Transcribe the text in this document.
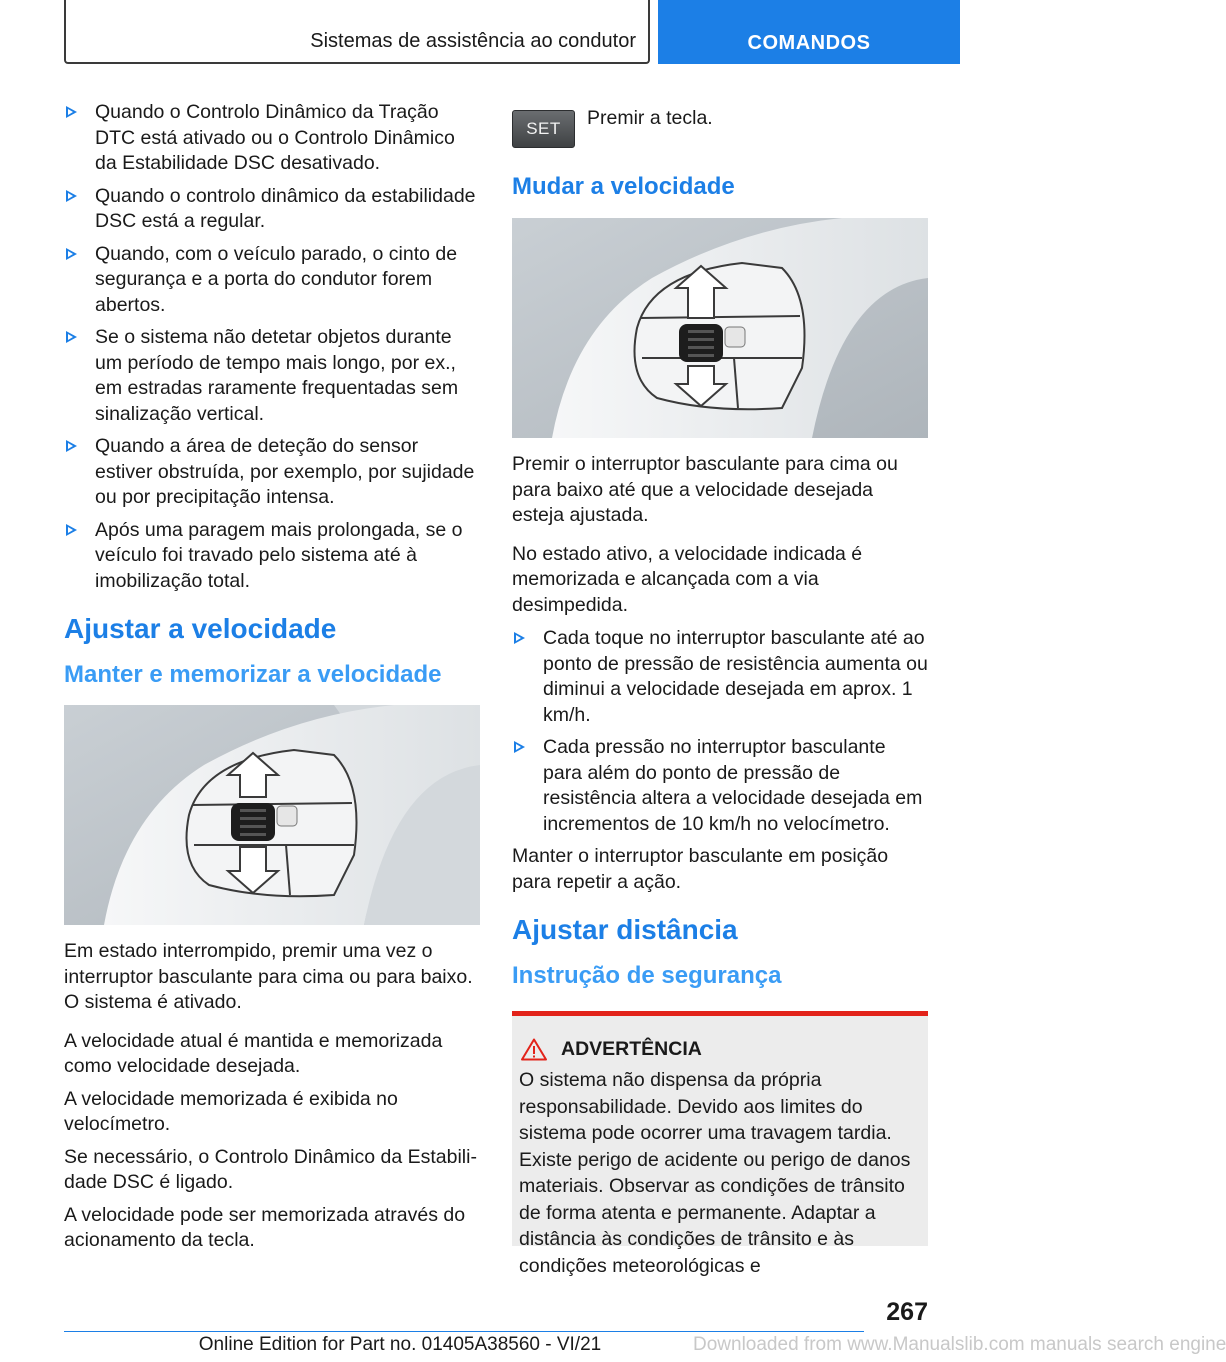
Sistemas de assistência ao condutor	COMANDOS
Quando o Controlo Dinâmico da Tração DTC está ativado ou o Controlo Dinâmico da Estabilidade DSC desativado.
Quando o controlo dinâmico da estabilidade DSC está a regular.
Quando, com o veículo parado, o cinto de segurança e a porta do condutor forem abertos.
Se o sistema não detetar objetos durante um período de tempo mais longo, por ex., em estradas raramente frequentadas sem sinalização vertical.
Quando a área de deteção do sensor estiver obstruída, por exemplo, por sujidade ou por precipitação intensa.
Após uma paragem mais prolongada, se o veículo foi travado pelo sistema até à imobilização total.
Ajustar a velocidade
Manter e memorizar a velocidade
Em estado interrompido, premir uma vez o interruptor basculante para cima ou para baixo. O sistema é ativado.
A velocidade atual é mantida e memorizada como velocidade desejada.
A velocidade memorizada é exibida no velocímetro.
Se necessário, o Controlo Dinâmico da Estabilidade DSC é ligado.
A velocidade pode ser memorizada através do acionamento da tecla.
SET	Premir a tecla.
Mudar a velocidade
Premir o interruptor basculante para cima ou para baixo até que a velocidade desejada esteja ajustada.
No estado ativo, a velocidade indicada é memorizada e alcançada com a via desimpedida.
Cada toque no interruptor basculante até ao ponto de pressão de resistência aumenta ou diminui a velocidade desejada em aprox. 1 km/h.
Cada pressão no interruptor basculante para além do ponto de pressão de resistência altera a velocidade desejada em incrementos de 10 km/h no velocímetro.
Manter o interruptor basculante em posição para repetir a ação.
Ajustar distância
Instrução de segurança
ADVERTÊNCIA
O sistema não dispensa da própria responsabilidade. Devido aos limites do sistema pode ocorrer uma travagem tardia. Existe perigo de acidente ou perigo de danos materiais. Observar as condições de trânsito de forma atenta e permanente. Adaptar a distância às condições de trânsito e às condições meteorológicas e
267
Online Edition for Part no. 01405A38560 - VI/21	Downloaded from www.Manualslib.com manuals search engine
